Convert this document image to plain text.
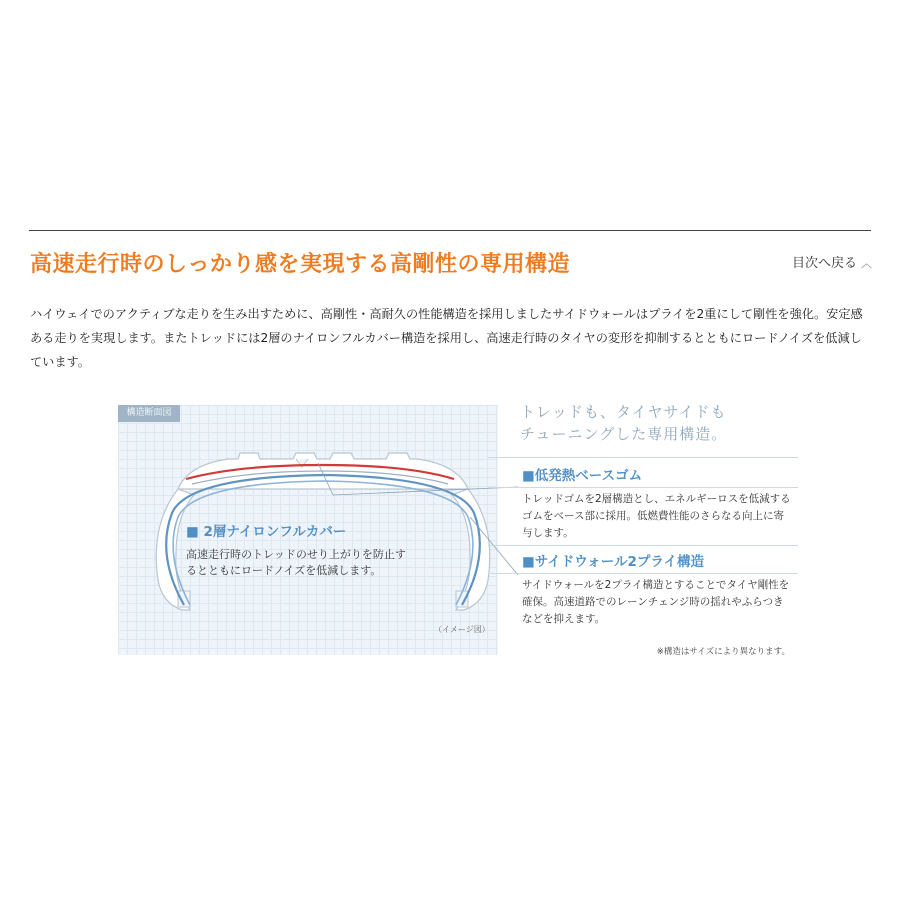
高速走行時のしっかり感を実現する高剛性の専用構造	目次へ戻る ︿

ハイウェイでのアクティブな走りを生み出すために、高剛性・高耐久の性能構造を採用しましたサイドウォールはプライを2重にして剛性を強化。安定感ある走りを実現します。またトレッドには2層のナイロンフルカバー構造を採用し、高速走行時のタイヤの変形を抑制するとともにロードノイズを低減しています。

構造断面図

■ 2層ナイロンフルカバー

高速走行時のトレッドのせり上がりを防止するとともにロードノイズを低減します。

（イメージ図）

トレッドも、タイヤサイドも
チューニングした専用構造。

■低発熱ベースゴム

トレッドゴムを2層構造とし、エネルギーロスを低減するゴムをベース部に採用。低燃費性能のさらなる向上に寄与します。

■サイドウォール2プライ構造

サイドウォールを2プライ構造とすることでタイヤ剛性を確保。高速道路でのレーンチェンジ時の揺れやふらつきなどを抑えます。

※構造はサイズにより異なります。
